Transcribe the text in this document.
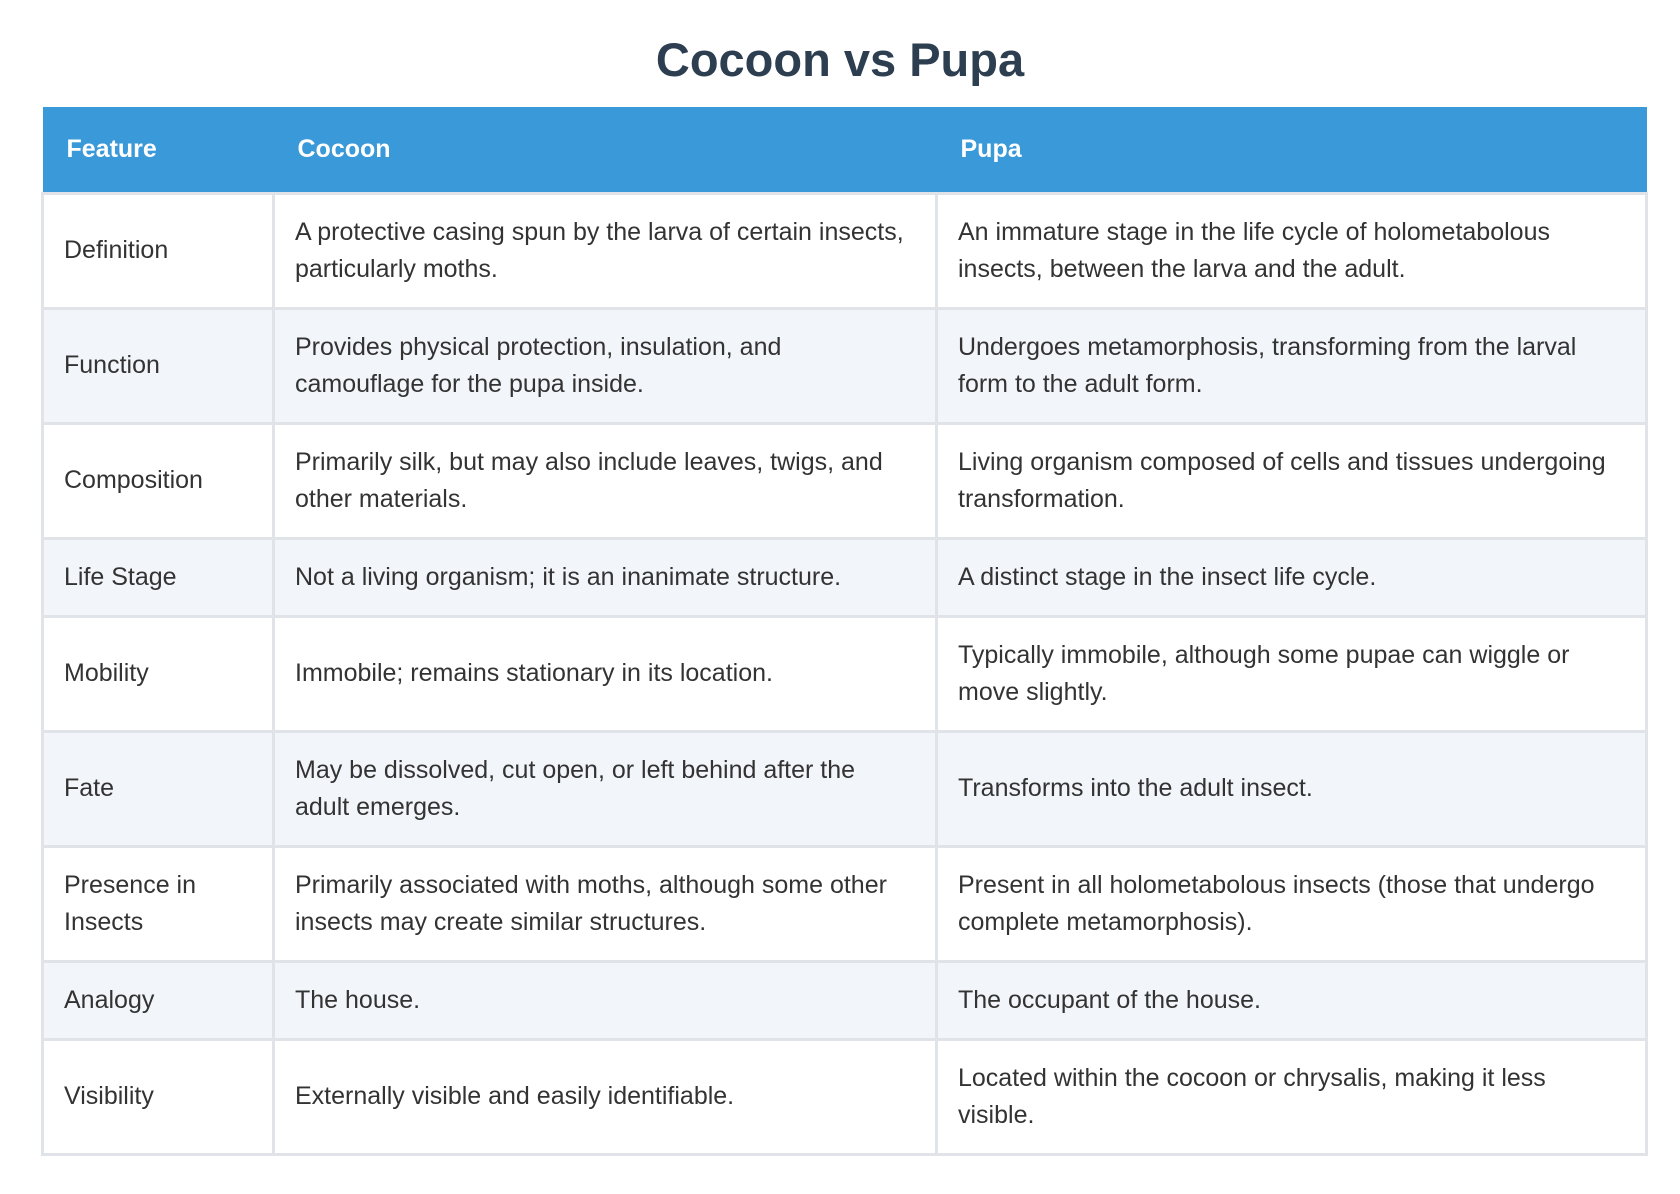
Cocoon vs Pupa
Feature	Cocoon	Pupa
Definition	A protective casing spun by the larva of certain insects, particularly moths.	An immature stage in the life cycle of holometabolous insects, between the larva and the adult.
Function	Provides physical protection, insulation, and camouflage for the pupa inside.	Undergoes metamorphosis, transforming from the larval form to the adult form.
Composition	Primarily silk, but may also include leaves, twigs, and other materials.	Living organism composed of cells and tissues undergoing transformation.
Life Stage	Not a living organism; it is an inanimate structure.	A distinct stage in the insect life cycle.
Mobility	Immobile; remains stationary in its location.	Typically immobile, although some pupae can wiggle or move slightly.
Fate	May be dissolved, cut open, or left behind after the adult emerges.	Transforms into the adult insect.
Presence in Insects	Primarily associated with moths, although some other insects may create similar structures.	Present in all holometabolous insects (those that undergo complete metamorphosis).
Analogy	The house.	The occupant of the house.
Visibility	Externally visible and easily identifiable.	Located within the cocoon or chrysalis, making it less visible.
